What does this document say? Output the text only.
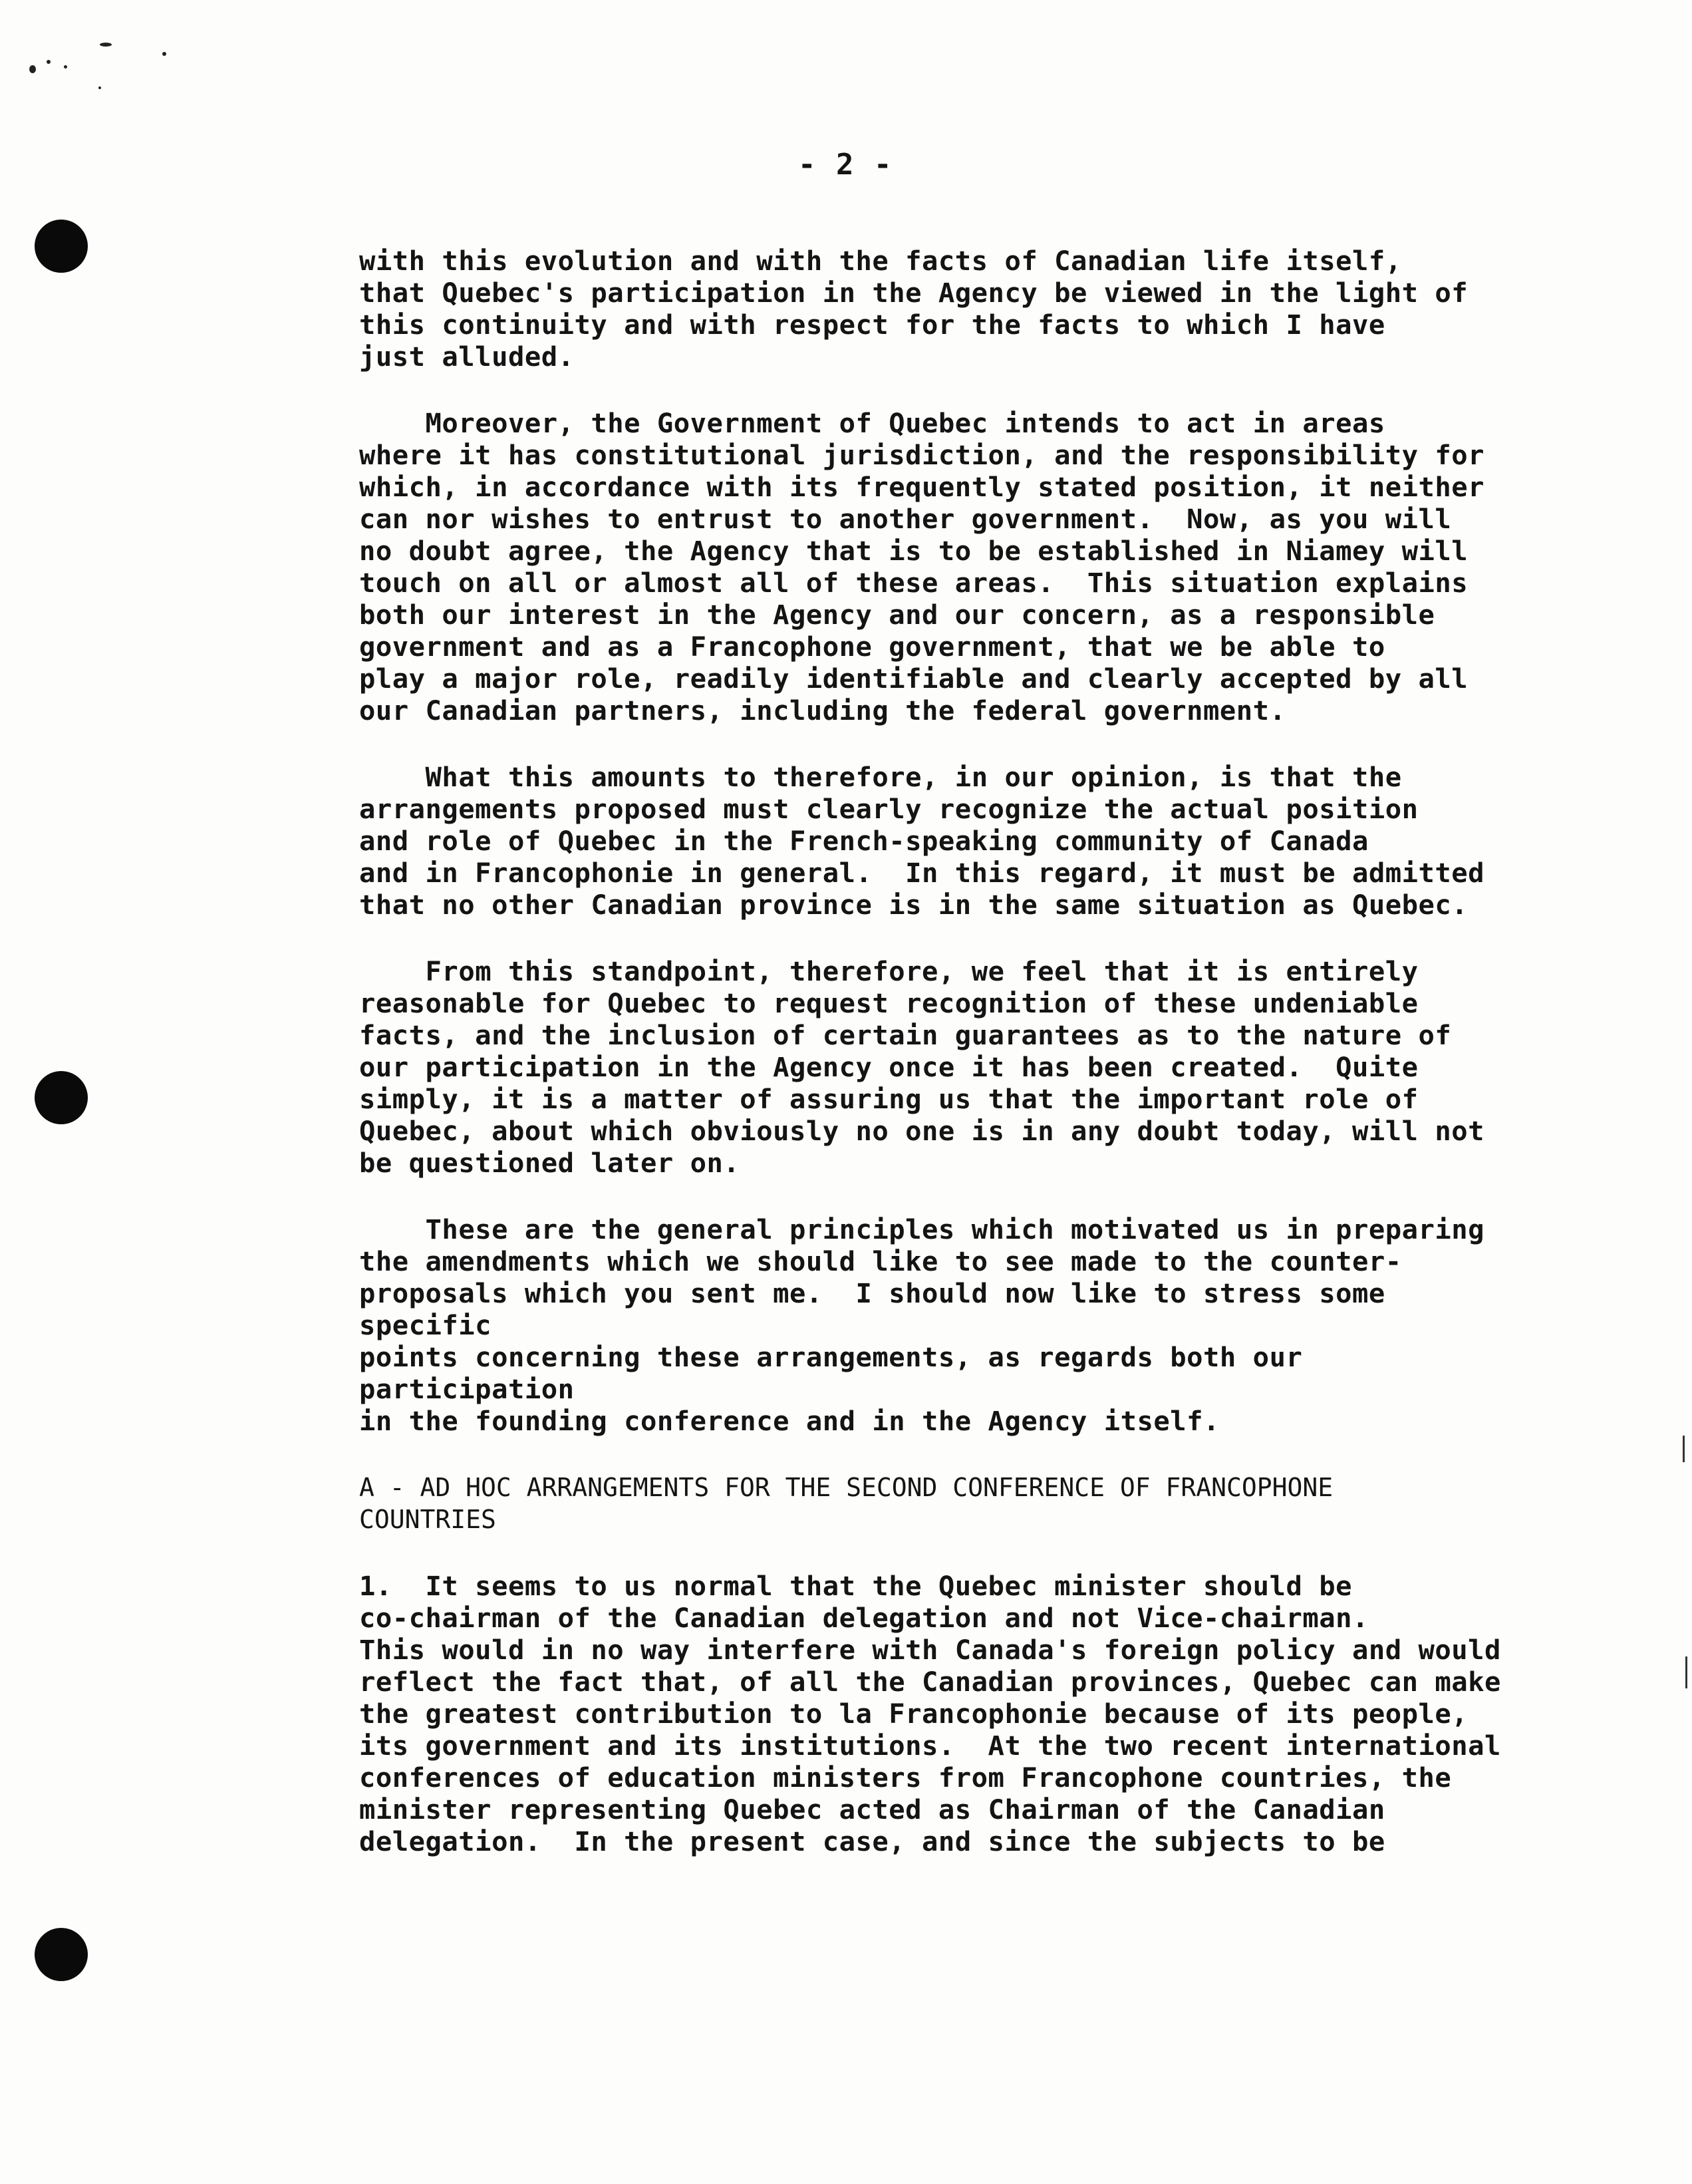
- 2 -

with this evolution and with the facts of Canadian life itself,
that Quebec's participation in the Agency be viewed in the light of
this continuity and with respect for the facts to which I have
just alluded.

Moreover, the Government of Quebec intends to act in areas
where it has constitutional jurisdiction, and the responsibility for
which, in accordance with its frequently stated position, it neither
can nor wishes to entrust to another government.  Now, as you will
no doubt agree, the Agency that is to be established in Niamey will
touch on all or almost all of these areas.  This situation explains
both our interest in the Agency and our concern, as a responsible
government and as a Francophone government, that we be able to
play a major role, readily identifiable and clearly accepted by all
our Canadian partners, including the federal government.

What this amounts to therefore, in our opinion, is that the
arrangements proposed must clearly recognize the actual position
and role of Quebec in the French-speaking community of Canada
and in Francophonie in general.  In this regard, it must be admitted
that no other Canadian province is in the same situation as Quebec.

From this standpoint, therefore, we feel that it is entirely
reasonable for Quebec to request recognition of these undeniable
facts, and the inclusion of certain guarantees as to the nature of
our participation in the Agency once it has been created.  Quite
simply, it is a matter of assuring us that the important role of
Quebec, about which obviously no one is in any doubt today, will not
be questioned later on.

These are the general principles which motivated us in preparing
the amendments which we should like to see made to the counter-
proposals which you sent me.  I should now like to stress some specific
points concerning these arrangements, as regards both our participation
in the founding conference and in the Agency itself.

A - AD HOC ARRANGEMENTS FOR THE SECOND CONFERENCE OF FRANCOPHONE
COUNTRIES

1.  It seems to us normal that the Quebec minister should be
co-chairman of the Canadian delegation and not Vice-chairman.
This would in no way interfere with Canada's foreign policy and would
reflect the fact that, of all the Canadian provinces, Quebec can make
the greatest contribution to la Francophonie because of its people,
its government and its institutions.  At the two recent international
conferences of education ministers from Francophone countries, the
minister representing Quebec acted as Chairman of the Canadian
delegation.  In the present case, and since the subjects to be
